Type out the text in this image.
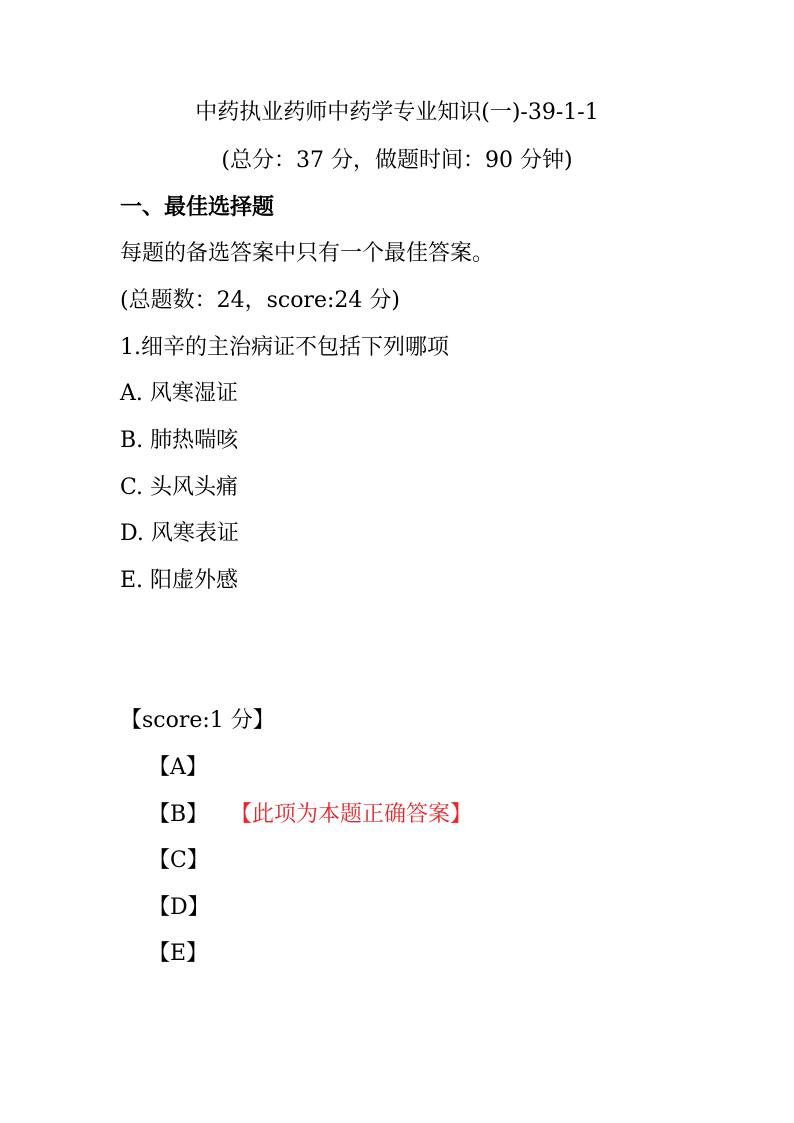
中药执业药师中药学专业知识(一)-39-1-1
(总分：37 分，做题时间：90 分钟)
一、最佳选择题
每题的备选答案中只有一个最佳答案。
(总题数：24，score:24 分)
1.细辛的主治病证不包括下列哪项
A. 风寒湿证
B. 肺热喘咳
C. 头风头痛
D. 风寒表证
E. 阳虚外感
【score:1 分】
【A】
【B】 【此项为本题正确答案】
【C】
【D】
【E】
